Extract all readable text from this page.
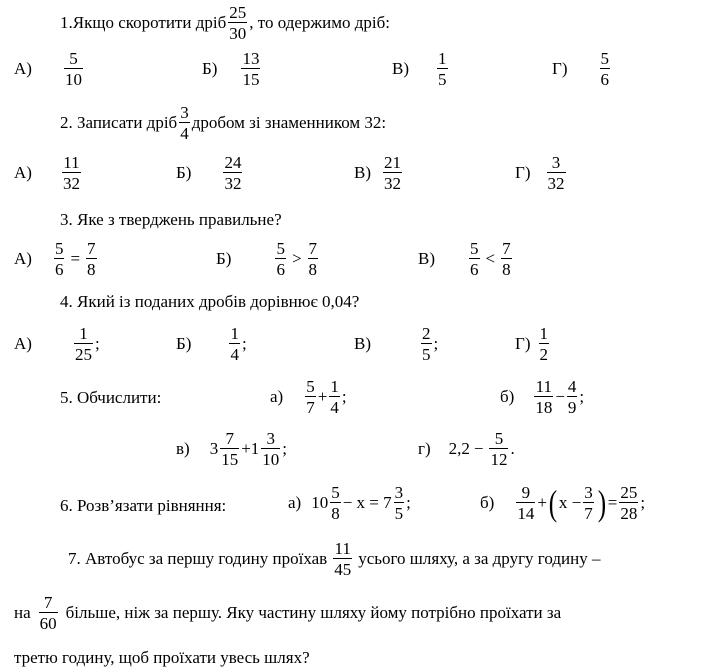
1.Якщо скоротити дріб $\frac{25}{30}$ , то одержимо дріб:
$А) \frac{5}{10}$	$Б) \frac{13}{15}$	$В) \frac{1}{5}$	$Г) \frac{5}{6}$
2. Записати дріб $\frac{3}{4}$ дробом зі знаменником 32:
$А) \frac{11}{32}$	$Б) \frac{24}{32}$	$В) \frac{21}{32}$	$Г) \frac{3}{32}$
3. Яке з тверджень правильне?
$А) \frac{5}{6} = \frac{7}{8}$	Б)	$\frac{5}{6} > \frac{7}{8}$	$В) \frac{5}{6} < \frac{7}{8}$
4. Який із поданих дробів дорівнює 0,04?
$А) \frac{1}{25}$ ;	$Б) \frac{1}{4}$ ;	В)	$\frac{2}{5}$ ;	$Г) \frac{1}{2}$
5. Обчислити:	$а) \frac{5}{7} + \frac{1}{4}$ ;	$б) \frac{11}{18} - \frac{4}{9}$ ;
в) $3 \frac{7}{15} + 1 \frac{3}{10}$ ;	г) $2,2 - \frac{5}{12}$ .
6. Розв’язати рівняння:	а) $10 \frac{5}{8} - x = 7 \frac{3}{5}$ ;	$б) \frac{9}{14}$ + ( $x - \frac{3}{7}$ ) = $\frac{25}{28}$ ;
7. Автобус за першу годину проїхав $\frac{11}{45}$ усього шляху, а за другу годину –
на $\frac{7}{60}$ більше, ніж за першу. Яку частину шляху йому потрібно проїхати за
третю годину, щоб проїхати увесь шлях?
